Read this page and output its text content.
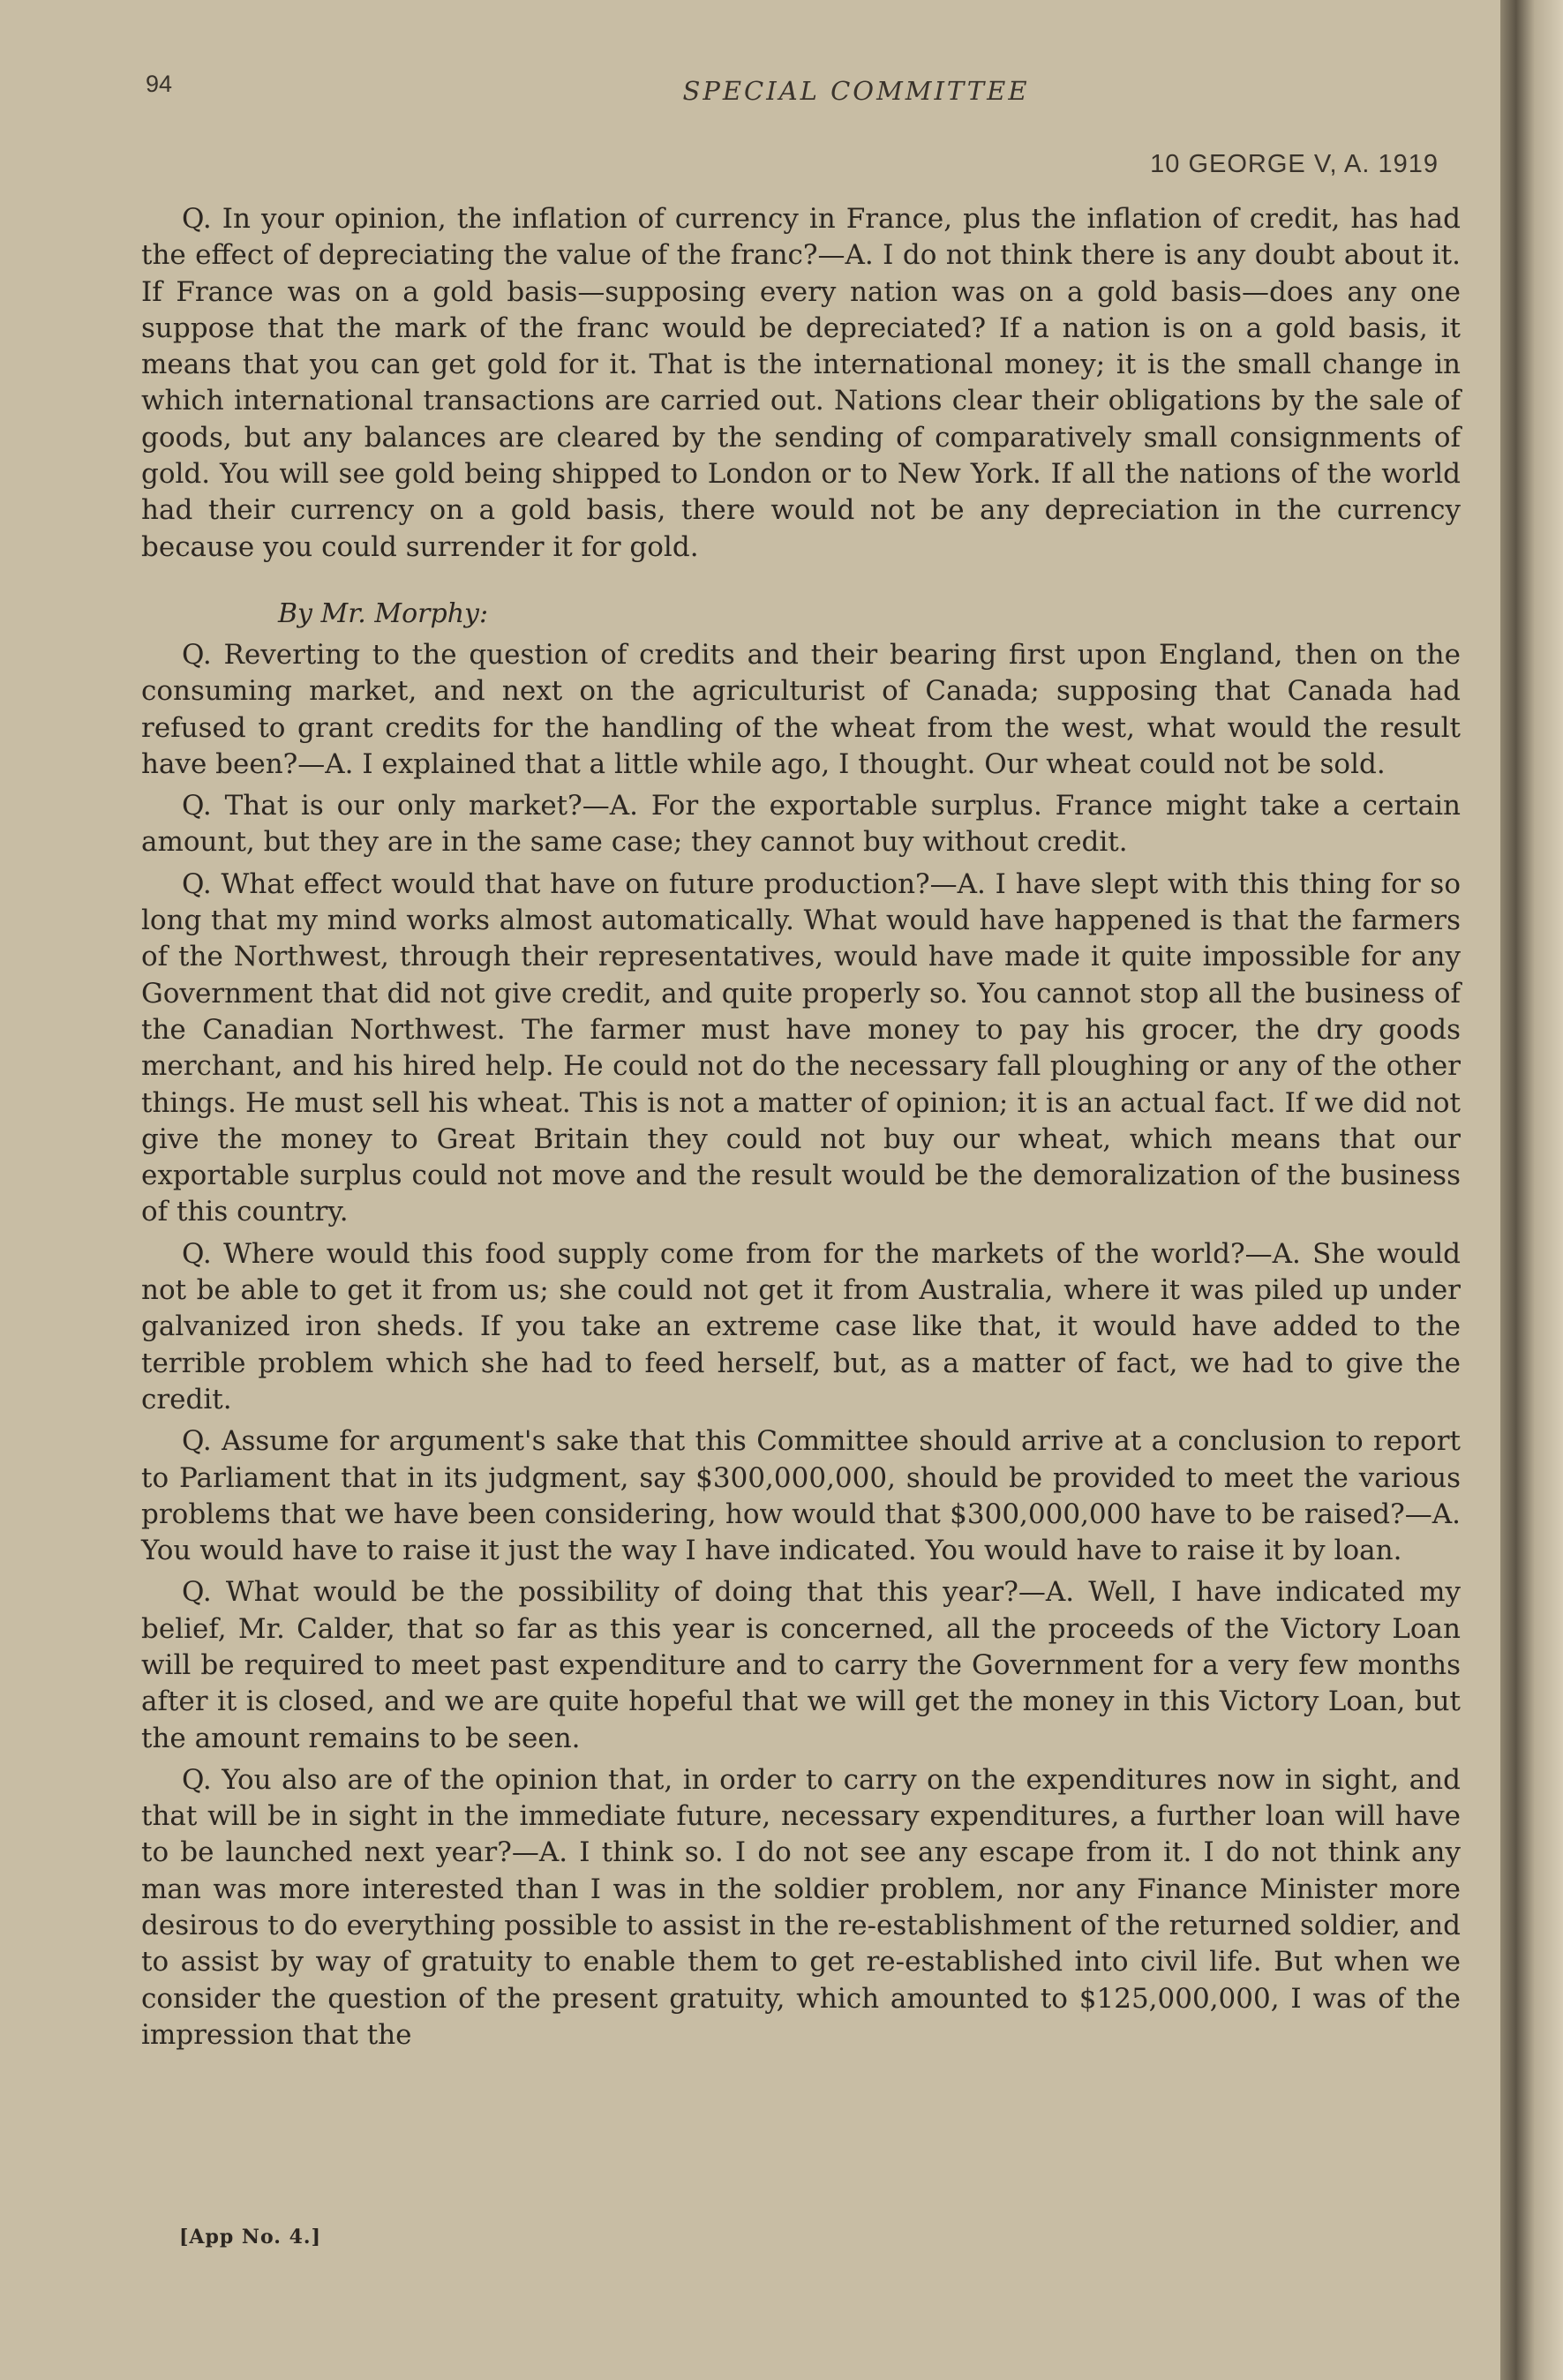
94	SPECIAL COMMITTEE
10 GEORGE V, A. 1919

Q. In your opinion, the inflation of currency in France, plus the inflation of credit, has had the effect of depreciating the value of the franc?—A. I do not think there is any doubt about it. If France was on a gold basis—supposing every nation was on a gold basis—does any one suppose that the mark of the franc would be depreciated? If a nation is on a gold basis, it means that you can get gold for it. That is the international money; it is the small change in which international transactions are carried out. Nations clear their obligations by the sale of goods, but any balances are cleared by the sending of comparatively small consignments of gold. You will see gold being shipped to London or to New York. If all the nations of the world had their currency on a gold basis, there would not be any depreciation in the currency because you could surrender it for gold.

By Mr. Morphy:

Q. Reverting to the question of credits and their bearing first upon England, then on the consuming market, and next on the agriculturist of Canada; supposing that Canada had refused to grant credits for the handling of the wheat from the west, what would the result have been?—A. I explained that a little while ago, I thought. Our wheat could not be sold.

Q. That is our only market?—A. For the exportable surplus. France might take a certain amount, but they are in the same case; they cannot buy without credit.

Q. What effect would that have on future production?—A. I have slept with this thing for so long that my mind works almost automatically. What would have happened is that the farmers of the Northwest, through their representatives, would have made it quite impossible for any Government that did not give credit, and quite properly so. You cannot stop all the business of the Canadian Northwest. The farmer must have money to pay his grocer, the dry goods merchant, and his hired help. He could not do the necessary fall ploughing or any of the other things. He must sell his wheat. This is not a matter of opinion; it is an actual fact. If we did not give the money to Great Britain they could not buy our wheat, which means that our exportable surplus could not move and the result would be the demoralization of the business of this country.

Q. Where would this food supply come from for the markets of the world?—A. She would not be able to get it from us; she could not get it from Australia, where it was piled up under galvanized iron sheds. If you take an extreme case like that, it would have added to the terrible problem which she had to feed herself, but, as a matter of fact, we had to give the credit.

Q. Assume for argument's sake that this Committee should arrive at a conclusion to report to Parliament that in its judgment, say $300,000,000, should be provided to meet the various problems that we have been considering, how would that $300,000,000 have to be raised?—A. You would have to raise it just the way I have indicated. You would have to raise it by loan.

Q. What would be the possibility of doing that this year?—A. Well, I have indicated my belief, Mr. Calder, that so far as this year is concerned, all the proceeds of the Victory Loan will be required to meet past expenditure and to carry the Government for a very few months after it is closed, and we are quite hopeful that we will get the money in this Victory Loan, but the amount remains to be seen.

Q. You also are of the opinion that, in order to carry on the expenditures now in sight, and that will be in sight in the immediate future, necessary expenditures, a further loan will have to be launched next year?—A. I think so. I do not see any escape from it. I do not think any man was more interested than I was in the soldier problem, nor any Finance Minister more desirous to do everything possible to assist in the re-establishment of the returned soldier, and to assist by way of gratuity to enable them to get re-established into civil life. But when we consider the question of the present gratuity, which amounted to $125,000,000, I was of the impression that the

[App No. 4.]
